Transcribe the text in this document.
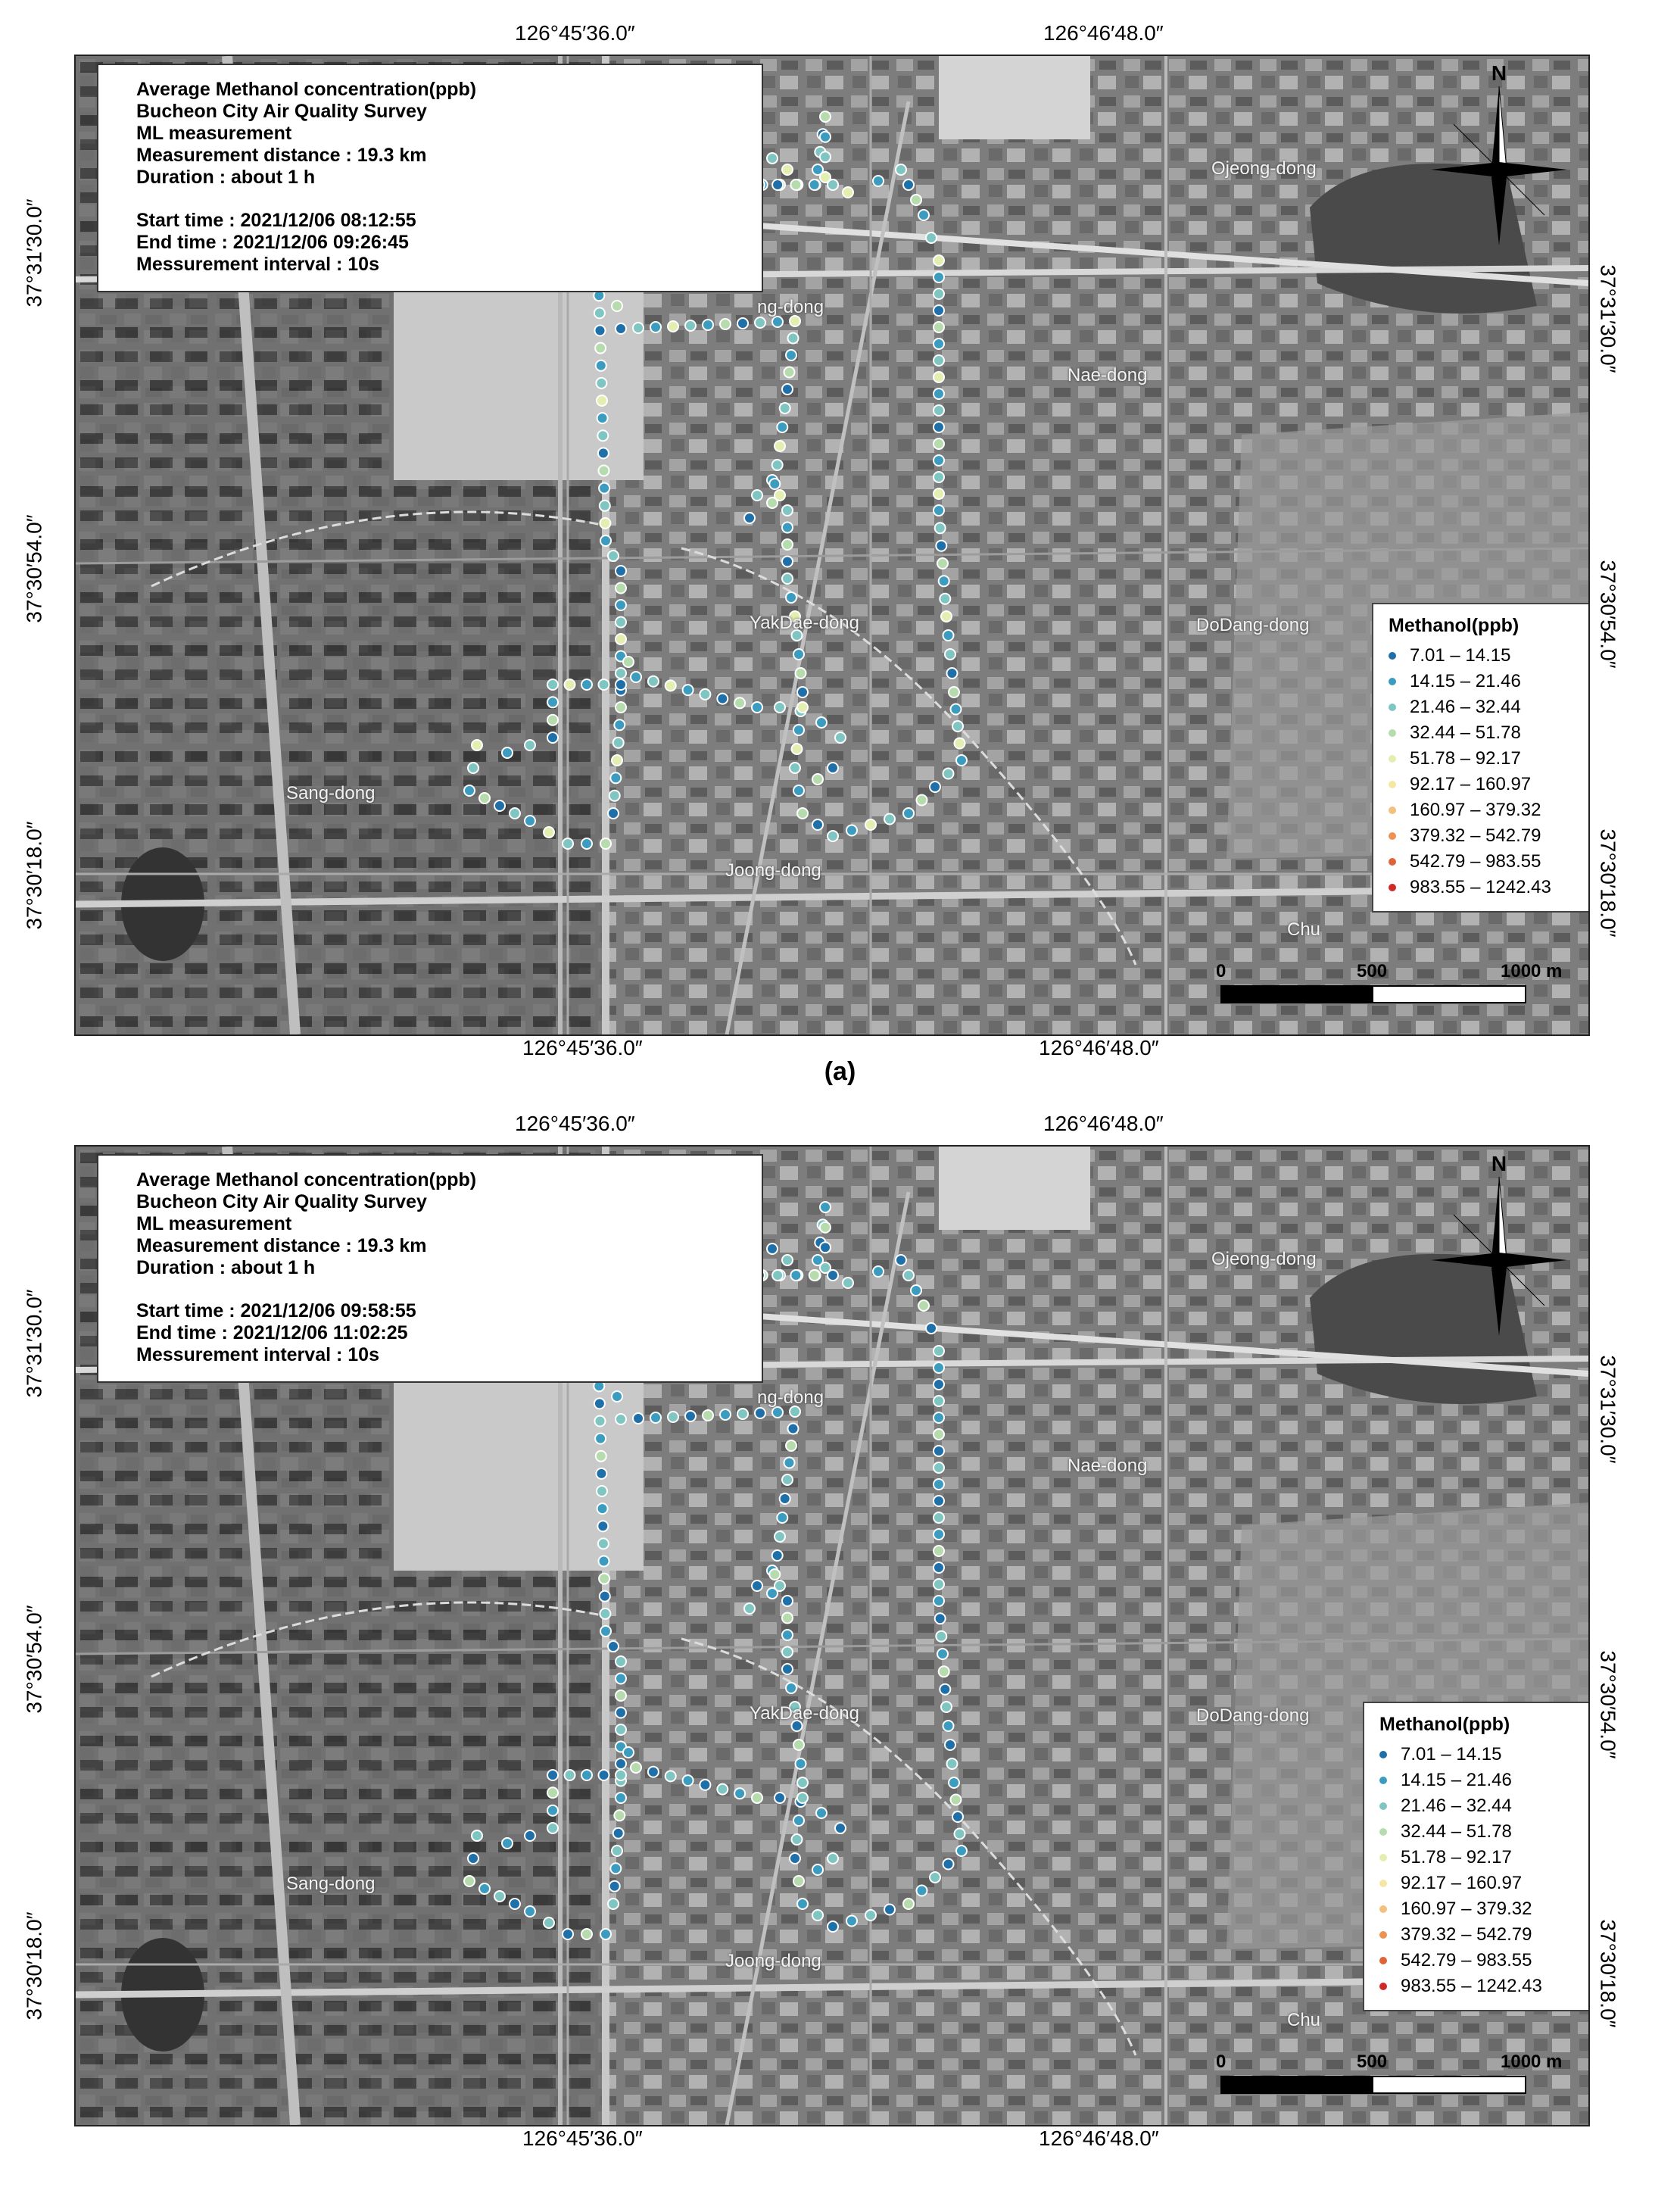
126°45′36.0″	126°46′48.0″
126°45′36.0″	126°46′48.0″
37°31′30.0″
37°30′54.0″
37°30′18.0″
37°31′30.0″
37°30′54.0″
37°30′18.0″
Average Methanol concentration(ppb)
Bucheon City Air Quality Survey
ML measurement
Measurement distance : 19.3 km
Duration : about 1 h
Start time : 2021/12/06 08:12:55
End time : 2021/12/06 09:26:45
Messurement interval : 10s
Ojeong-dong
ng-dong
Nae-dong
YakDae-dong	DoDang-dong
Sang-dong
Joong-dong
Chu
N
Methanol(ppb)
7.01 – 14.15
14.15 – 21.46
21.46 – 32.44
32.44 – 51.78
51.78 – 92.17
92.17 – 160.97
160.97 – 379.32
379.32 – 542.79
542.79 – 983.55
983.55 – 1242.43
0	500	1000 m
(a)
126°45′36.0″	126°46′48.0″
126°45′36.0″	126°46′48.0″
37°31′30.0″
37°30′54.0″
37°30′18.0″
37°31′30.0″
37°30′54.0″
37°30′18.0″
Average Methanol concentration(ppb)
Bucheon City Air Quality Survey
ML measurement
Measurement distance : 19.3 km
Duration : about 1 h
Start time : 2021/12/06 09:58:55
End time : 2021/12/06 11:02:25
Messurement interval : 10s
Ojeong-dong
ng-dong
Nae-dong
YakDae-dong	DoDang-dong
Sang-dong
Joong-dong
Chu
N
Methanol(ppb)
7.01 – 14.15
14.15 – 21.46
21.46 – 32.44
32.44 – 51.78
51.78 – 92.17
92.17 – 160.97
160.97 – 379.32
379.32 – 542.79
542.79 – 983.55
983.55 – 1242.43
0	500	1000 m
